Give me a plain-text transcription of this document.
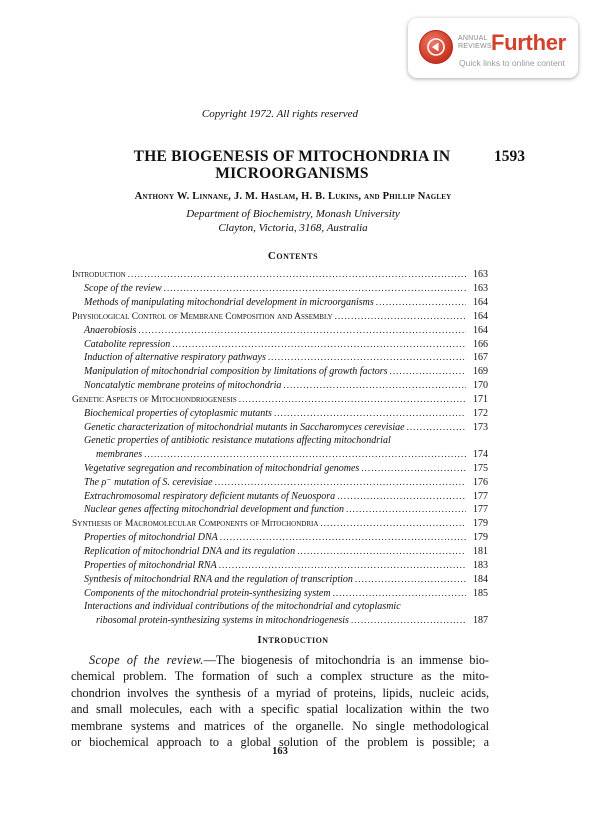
ANNUAL REVIEWS Further
Quick links to online content
Copyright 1972. All rights reserved
THE BIOGENESIS OF MITOCHONDRIA IN MICROORGANISMS
1593
Anthony W. Linnane, J. M. Haslam, H. B. Lukins, and Phillip Nagley
Department of Biochemistry, Monash University
Clayton, Victoria, 3168, Australia
Contents
Introduction . . .	163
Scope of the review . . .	163
Methods of manipulating mitochondrial development in microorganisms . . .	164
Physiological Control of Membrane Composition and Assembly . . .	164
Anaerobiosis . . .	164
Catabolite repression . . .	166
Induction of alternative respiratory pathways . . .	167
Manipulation of mitochondrial composition by limitations of growth factors . . .	169
Noncatalytic membrane proteins of mitochondria . . .	170
Genetic Aspects of Mitochondriogenesis . . .	171
Biochemical properties of cytoplasmic mutants . . .	172
Genetic characterization of mitochondrial mutants in Saccharomyces cerevisiae . . .	173
Genetic properties of antibiotic resistance mutations affecting mitochondrial
membranes . . .	174
Vegetative segregation and recombination of mitochondrial genomes . . .	175
The ρ⁻ mutation of S. cerevisiae . . .	176
Extrachromosomal respiratory deficient mutants of Neuospora . . .	177
Nuclear genes affecting mitochondrial development and function . . .	177
Synthesis of Macromolecular Components of Mitochondria . . .	179
Properties of mitochondrial DNA . . .	179
Replication of mitochondrial DNA and its regulation . . .	181
Properties of mitochondrial RNA . . .	183
Synthesis of mitochondrial RNA and the regulation of transcription . . .	184
Components of the mitochondrial protein-synthesizing system . . .	185
Interactions and individual contributions of the mitochondrial and cytoplasmic
ribosomal protein-synthesizing systems in mitochondriogenesis . . .	187
Introduction
Scope of the review.—The biogenesis of mitochondria is an immense bio-
chemical problem. The formation of such a complex structure as the mito-
chondrion involves the synthesis of a myriad of proteins, lipids, nucleic acids,
and small molecules, each with a specific spatial localization within the two
membrane systems and matrices of the organelle. No single methodological
or biochemical approach to a global solution of the problem is possible; a
163
